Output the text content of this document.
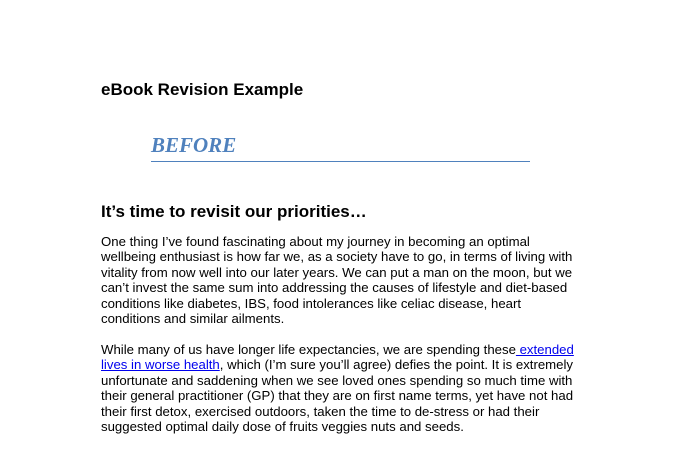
eBook Revision Example
BEFORE
It’s time to revisit our priorities…
One thing I’ve found fascinating about my journey in becoming an optimal
wellbeing enthusiast is how far we, as a society have to go, in terms of living with
vitality from now well into our later years. We can put a man on the moon, but we
can’t invest the same sum into addressing the causes of lifestyle and diet-based
conditions like diabetes, IBS, food intolerances like celiac disease, heart
conditions and similar ailments.
While many of us have longer life expectancies, we are spending these extended
lives in worse health, which (I’m sure you’ll agree) defies the point. It is extremely
unfortunate and saddening when we see loved ones spending so much time with
their general practitioner (GP) that they are on first name terms, yet have not had
their first detox, exercised outdoors, taken the time to de-stress or had their
suggested optimal daily dose of fruits veggies nuts and seeds.
